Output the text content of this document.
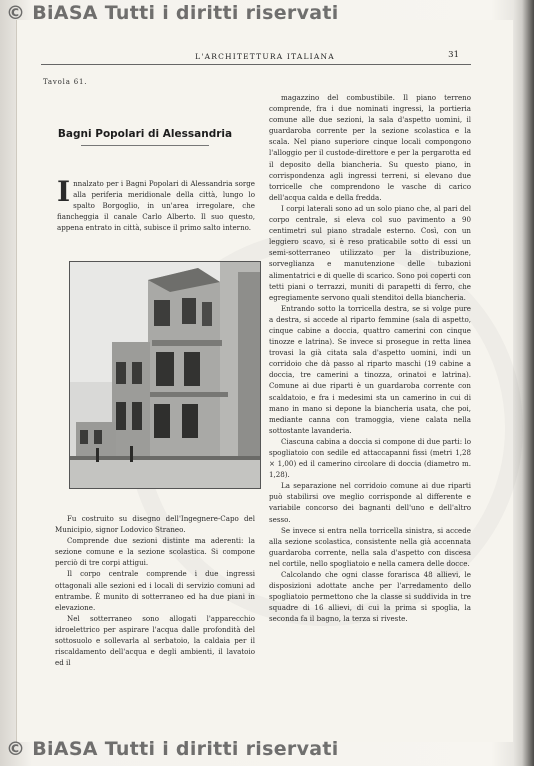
L'ARCHITETTURA ITALIANA	31
Tavola 61.
Bagni Popolari di Alessandria
I nnalzato per i Bagni Popolari di Alessandria sorge alla periferia meridionale della città, lungo lo spalto Borgoglio, in un'area irregolare, che fiancheggia il canale Carlo Alberto. Il suo questo, appena entrato in città, subisce il primo salto interno.

Fu costruito su disegno dell'Ingegnere-Capo del Municipio, signor Lodovico Straneo.

Comprende due sezioni distinte ma aderenti: la sezione comune e la sezione scolastica. Si compone perciò di tre corpi attigui.

Il corpo centrale comprende i due ingressi ottagonali alle sezioni ed i locali di servizio comuni ad entrambe. È munito di sotterraneo ed ha due piani in elevazione.

Nel sotterraneo sono allogati l'apparecchio idroelettrico per aspirare l'acqua dalle profondità del sottosuolo e sollevarla al serbatoio, la caldaia per il riscaldamento dell'acqua e degli ambienti, il lavatoio ed il

magazzino del combustibile. Il piano terreno comprende, fra i due nominati ingressi, la portieria comune alle due sezioni, la sala d'aspetto uomini, il guardaroba corrente per la sezione scolastica e la scala. Nel piano superiore cinque locali compongono l'alloggio per il custode-direttore e per la pergarotta ed il deposito della biancheria. Su questo piano, in corrispondenza agli ingressi terreni, si elevano due torricelle che comprendono le vasche di carico dell'acqua calda e della fredda.

I corpi laterali sono ad un solo piano che, al pari del corpo centrale, si eleva col suo pavimento a 90 centimetri sul piano stradale esterno. Così, con un leggiero scavo, si è reso praticabile sotto di essi un semi-sotterraneo utilizzato per la distribuzione, sorveglianza e manutenzione delle tubazioni alimentatrici e di quelle di scarico. Sono poi coperti con tetti piani o terrazzi, muniti di parapetti di ferro, che egregiamente servono quali stenditoi della biancheria.

Entrando sotto la torricella destra, se si volge pure a destra, si accede al riparto femmine (sala di aspetto, cinque cabine a doccia, quattro camerini con cinque tinozze e latrina). Se invece si prosegue in retta linea trovasi la già citata sala d'aspetto uomini, indi un corridoio che dà passo al riparto maschi (19 cabine a doccia, tre camerini a tinozza, orinatoi e latrina). Comune ai due riparti è un guardaroba corrente con scaldatoio, e fra i medesimi sta un camerino in cui di mano in mano si depone la biancheria usata, che poi, mediante canna con tramoggia, viene calata nella sottostante lavanderia.

Ciascuna cabina a doccia si compone di due parti: lo spogliatoio con sedile ed attaccapanni fissi (metri 1,28 × 1,00) ed il camerino circolare di doccia (diametro m. 1,28).

La separazione nel corridoio comune ai due riparti può stabilirsi ove meglio corrisponde al differente e variabile concorso dei bagnanti dell'uno e dell'altro sesso.

Se invece si entra nella torricella sinistra, si accede alla sezione scolastica, consistente nella già accennata guardaroba corrente, nella sala d'aspetto con discesa nel cortile, nello spogliatoio e nella camera delle docce.

Calcolando che ogni classe forarisca 48 allievi, le disposizioni adottate anche per l'arredamento dello spogliatoio permettono che la classe si suddivida in tre squadre di 16 allievi, di cui la prima si spoglia, la seconda fa il bagno, la terza si riveste.

© BiASA Tutti i diritti riservati
© BiASA Tutti i diritti riservati
